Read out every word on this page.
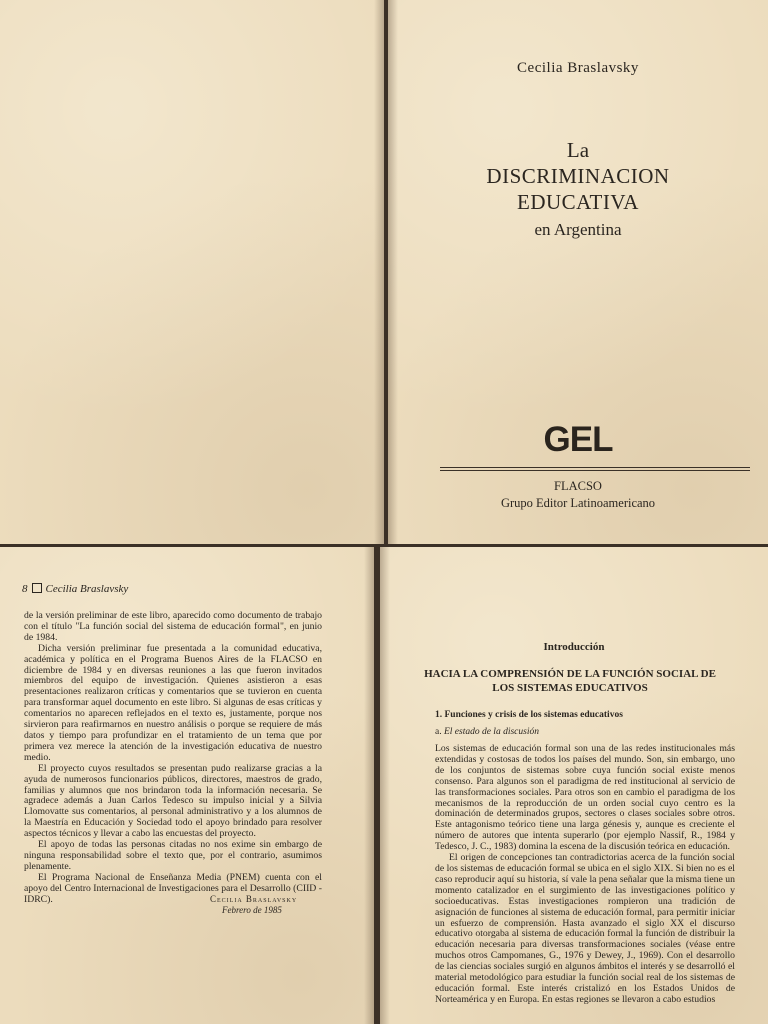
Cecilia Braslavsky
La
DISCRIMINACION
EDUCATIVA
en Argentina
GEL
FLACSO
Grupo Editor Latinoamericano
8 Cecilia Braslavsky

de la versión preliminar de este libro, aparecido como documento de trabajo con el título "La función social del sistema de educación formal", en junio de 1984.

Dicha versión preliminar fue presentada a la comunidad educativa, académica y política en el Programa Buenos Aires de la FLACSO en diciembre de 1984 y en diversas reuniones a las que fueron invitados miembros del equipo de investigación. Quienes asistieron a esas presentaciones realizaron críticas y comentarios que se tuvieron en cuenta para transformar aquel documento en este libro. Si algunas de esas críticas y comentarios no aparecen reflejados en el texto es, justamente, porque nos sirvieron para reafirmarnos en nuestro análisis o porque se requiere de más datos y tiempo para profundizar en el tratamiento de un tema que por primera vez merece la atención de la investigación educativa de nuestro medio.

El proyecto cuyos resultados se presentan pudo realizarse gracias a la ayuda de numerosos funcionarios públicos, directores, maestros de grado, familias y alumnos que nos brindaron toda la información necesaria. Se agradece además a Juan Carlos Tedesco su impulso inicial y a Silvia Llomovatte sus comentarios, al personal administrativo y a los alumnos de la Maestría en Educación y Sociedad todo el apoyo brindado para resolver aspectos técnicos y llevar a cabo las encuestas del proyecto.

El apoyo de todas las personas citadas no nos exime sin embargo de ninguna responsabilidad sobre el texto que, por el contrario, asumimos plenamente.

El Programa Nacional de Enseñanza Media (PNEM) cuenta con el apoyo del Centro Internacional de Investigaciones para el Desarrollo (CIID - IDRC).	Cecilia Braslavsky
Febrero de 1985
Introducción
HACIA LA COMPRENSIÓN DE LA FUNCIÓN SOCIAL DE LOS SISTEMAS EDUCATIVOS
1. Funciones y crisis de los sistemas educativos
a. El estado de la discusión

Los sistemas de educación formal son una de las redes institucionales más extendidas y costosas de todos los países del mundo. Son, sin embargo, uno de los conjuntos de sistemas sobre cuya función social existe menos consenso. Para algunos son el paradigma de red institucional al servicio de las transformaciones sociales. Para otros son en cambio el paradigma de los mecanismos de la reproducción de un orden social cuyo centro es la dominación de determinados grupos, sectores o clases sociales sobre otros. Este antagonismo teórico tiene una larga génesis y, aunque es creciente el número de autores que intenta superarlo (por ejemplo Nassif, R., 1984 y Tedesco, J. C., 1983) domina la escena de la discusión teórica en educación.

El origen de concepciones tan contradictorias acerca de la función social de los sistemas de educación formal se ubica en el siglo XIX. Si bien no es el caso reproducir aquí su historia, sí vale la pena señalar que la misma tiene un momento catalizador en el surgimiento de las investigaciones político y socioeducativas. Estas investigaciones rompieron una tradición de asignación de funciones al sistema de educación formal, para permitir iniciar un esfuerzo de comprensión. Hasta avanzado el siglo XX el discurso educativo otorgaba al sistema de educación formal la función de distribuir la educación necesaria para diversas transformaciones sociales (véase entre muchos otros Campomanes, G., 1976 y Dewey, J., 1969). Con el desarrollo de las ciencias sociales surgió en algunos ámbitos el interés y se desarrolló el material metodológico para estudiar la función social real de los sistemas de educación formal. Este interés cristalizó en los Estados Unidos de Norteamérica y en Europa. En estas regiones se llevaron a cabo estudios
